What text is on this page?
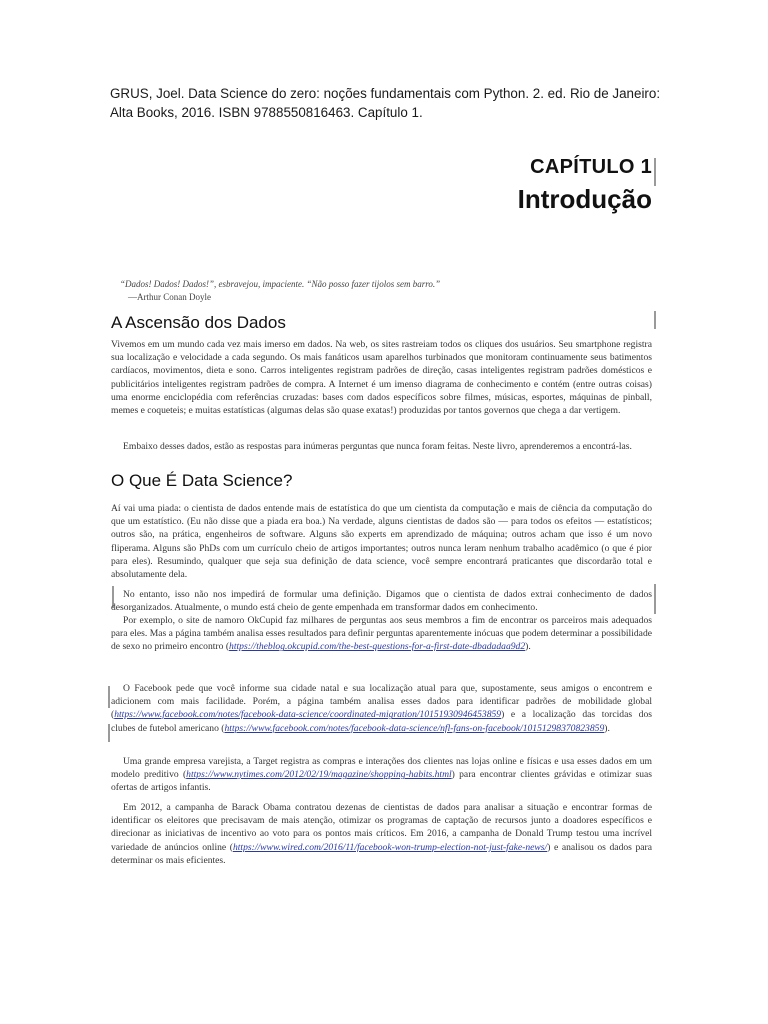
GRUS, Joel. Data Science do zero: noções fundamentais com Python. 2. ed. Rio de Janeiro: Alta Books, 2016. ISBN 9788550816463. Capítulo 1.
CAPÍTULO 1
Introdução
“Dados! Dados! Dados!”, esbravejou, impaciente. “Não posso fazer tijolos sem barro.”
—Arthur Conan Doyle
A Ascensão dos Dados

Vivemos em um mundo cada vez mais imerso em dados. Na web, os sites rastreiam todos os cliques dos usuários. Seu smartphone registra sua localização e velocidade a cada segundo. Os mais fanáticos usam aparelhos turbinados que monitoram continuamente seus batimentos cardíacos, movimentos, dieta e sono. Carros inteligentes registram padrões de direção, casas inteligentes registram padrões domésticos e publicitários inteligentes registram padrões de compra. A Internet é um imenso diagrama de conhecimento e contém (entre outras coisas) uma enorme enciclopédia com referências cruzadas: bases com dados específicos sobre filmes, músicas, esportes, máquinas de pinball, memes e coqueteis; e muitas estatísticas (algumas delas são quase exatas!) produzidas por tantos governos que chega a dar vertigem.

Embaixo desses dados, estão as respostas para inúmeras perguntas que nunca foram feitas. Neste livro, aprenderemos a encontrá-las.

O Que É Data Science?

Aí vai uma piada: o cientista de dados entende mais de estatística do que um cientista da computação e mais de ciência da computação do que um estatístico. (Eu não disse que a piada era boa.) Na verdade, alguns cientistas de dados são — para todos os efeitos — estatísticos; outros são, na prática, engenheiros de software. Alguns são experts em aprendizado de máquina; outros acham que isso é um novo fliperama. Alguns são PhDs com um currículo cheio de artigos importantes; outros nunca leram nenhum trabalho acadêmico (o que é pior para eles). Resumindo, qualquer que seja sua definição de data science, você sempre encontrará praticantes que discordarão total e absolutamente dela.

No entanto, isso não nos impedirá de formular uma definição. Digamos que o cientista de dados extrai conhecimento de dados desorganizados. Atualmente, o mundo está cheio de gente empenhada em transformar dados em conhecimento.

Por exemplo, o site de namoro OkCupid faz milhares de perguntas aos seus membros a fim de encontrar os parceiros mais adequados para eles. Mas a página também analisa esses resultados para definir perguntas aparentemente inócuas que podem determinar a possibilidade de sexo no primeiro encontro (https://theblog.okcupid.com/the-best-questions-for-a-first-date-dbadadaa9d2).

O Facebook pede que você informe sua cidade natal e sua localização atual para que, supostamente, seus amigos o encontrem e adicionem com mais facilidade. Porém, a página também analisa esses dados para identificar padrões de mobilidade global (https://www.facebook.com/notes/facebook-data-science/coordinated-migration/10151930946453859) e a localização das torcidas dos clubes de futebol americano (https://www.facebook.com/notes/facebook-data-science/nfl-fans-on-facebook/10151298370823859).

Uma grande empresa varejista, a Target registra as compras e interações dos clientes nas lojas online e físicas e usa esses dados em um modelo preditivo (https://www.nytimes.com/2012/02/19/magazine/shopping-habits.html) para encontrar clientes grávidas e otimizar suas ofertas de artigos infantis.

Em 2012, a campanha de Barack Obama contratou dezenas de cientistas de dados para analisar a situação e encontrar formas de identificar os eleitores que precisavam de mais atenção, otimizar os programas de captação de recursos junto a doadores específicos e direcionar as iniciativas de incentivo ao voto para os pontos mais críticos. Em 2016, a campanha de Donald Trump testou uma incrível variedade de anúncios online (https://www.wired.com/2016/11/facebook-won-trump-election-not-just-fake-news/) e analisou os dados para determinar os mais eficientes.
